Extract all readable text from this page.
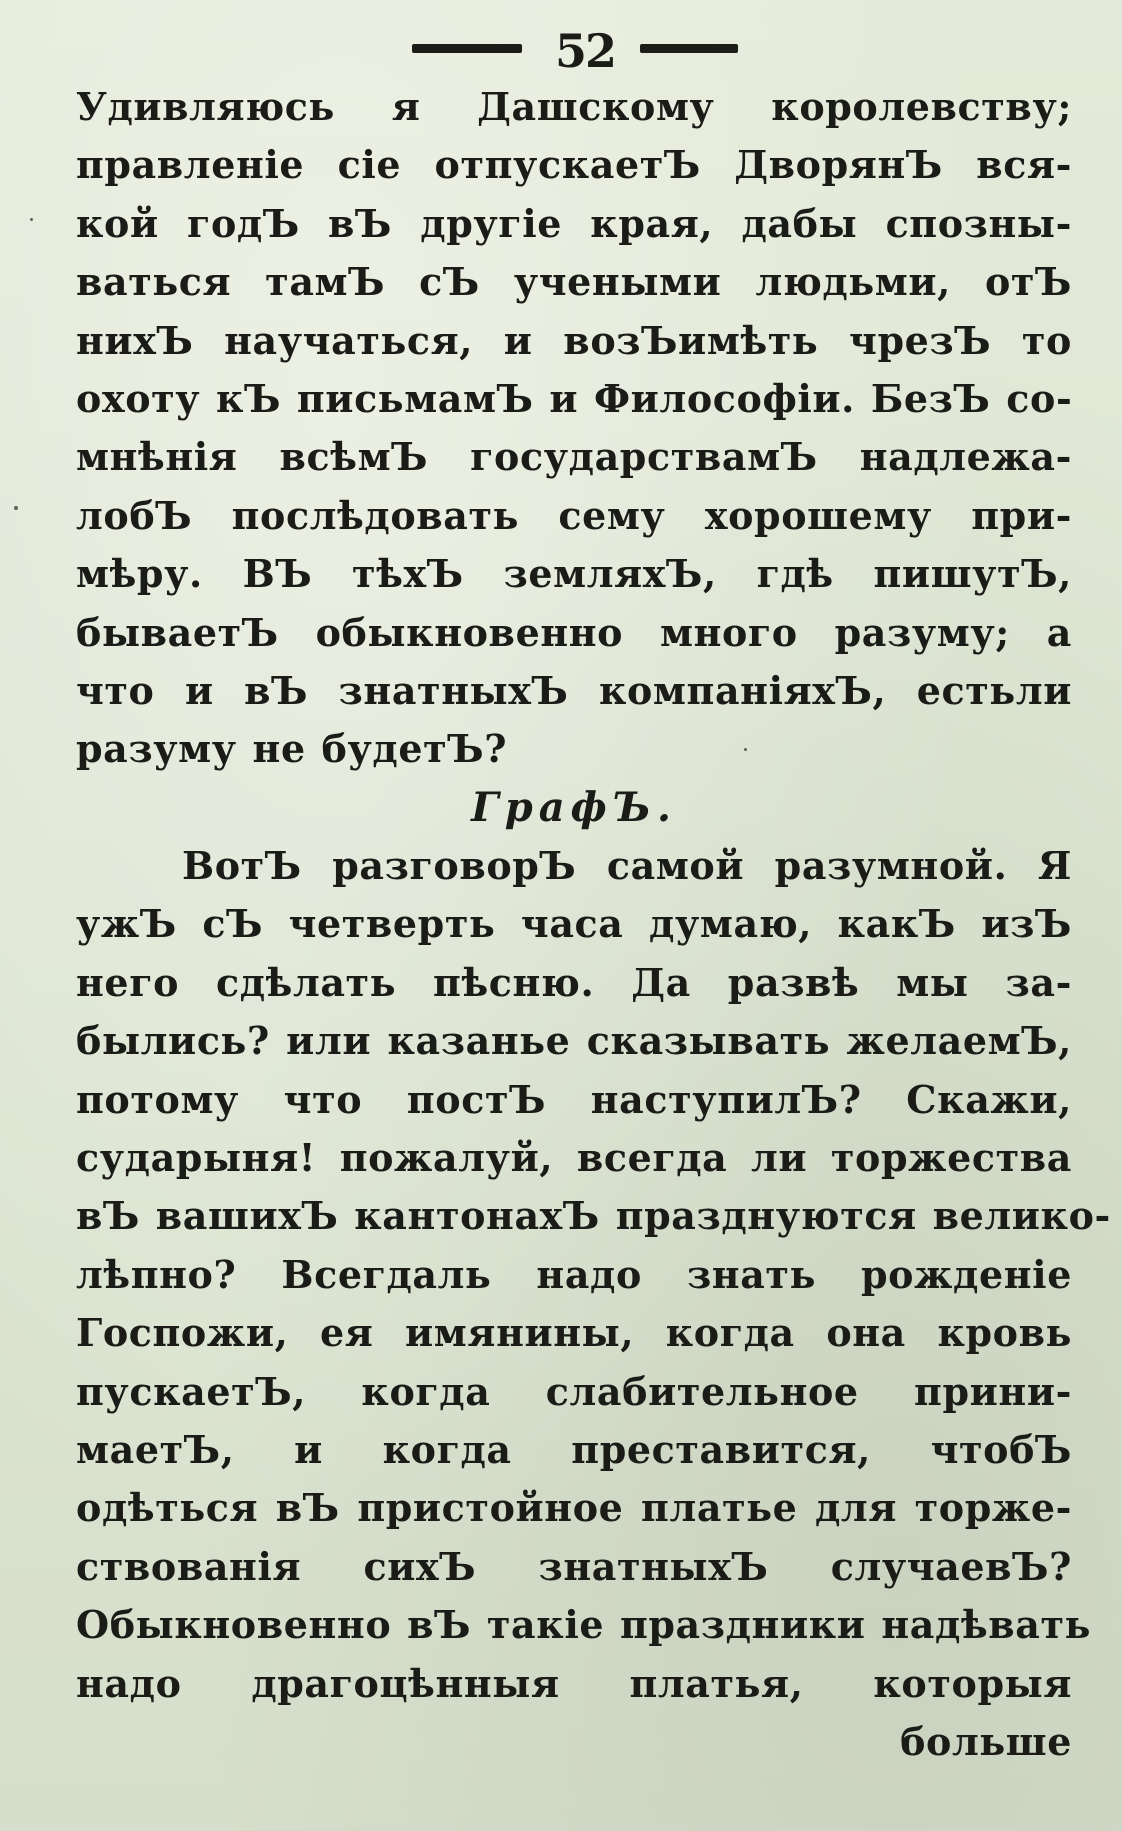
52
Удивляюсь я Дашскому королевству;
правленіе сіе отпускаетЪ ДворянЪ вся-
кой годЪ вЪ другіе края, дабы спозны-
ваться тамЪ сЪ учеными людьми, отЪ
нихЪ научаться, и возЪимѣть чрезЪ то
охоту кЪ письмамЪ и Философіи. БезЪ со-
мнѣнія всѣмЪ государствамЪ надлежа-
лобЪ послѣдовать сему хорошему при-
мѣру. ВЪ тѣхЪ земляхЪ, гдѣ пишутЪ,
бываетЪ обыкновенно много разуму; а
что и вЪ знатныхЪ компаніяхЪ, естьли
разуму не будетЪ?
ГрафЪ.
ВотЪ разговорЪ самой разумной. Я
ужЪ сЪ четверть часа думаю, какЪ изЪ
него сдѣлать пѣсню. Да развѣ мы за-
былись? или казанье сказывать желаемЪ,
потому что постЪ наступилЪ? Скажи,
сударыня! пожалуй, всегда ли торжества
вЪ вашихЪ кантонахЪ празднуются велико-
лѣпно? Всегдаль надо знать рожденіе
Госпожи, ея имянины, когда она кровь
пускаетЪ, когда слабительное прини-
маетЪ, и когда преставится, чтобЪ
одѣться вЪ пристойное платье для торже-
ствованія сихЪ знатныхЪ случаевЪ?
Обыкновенно вЪ такіе праздники надѣвать
надо драгоцѣнныя платья, которыя
больше
